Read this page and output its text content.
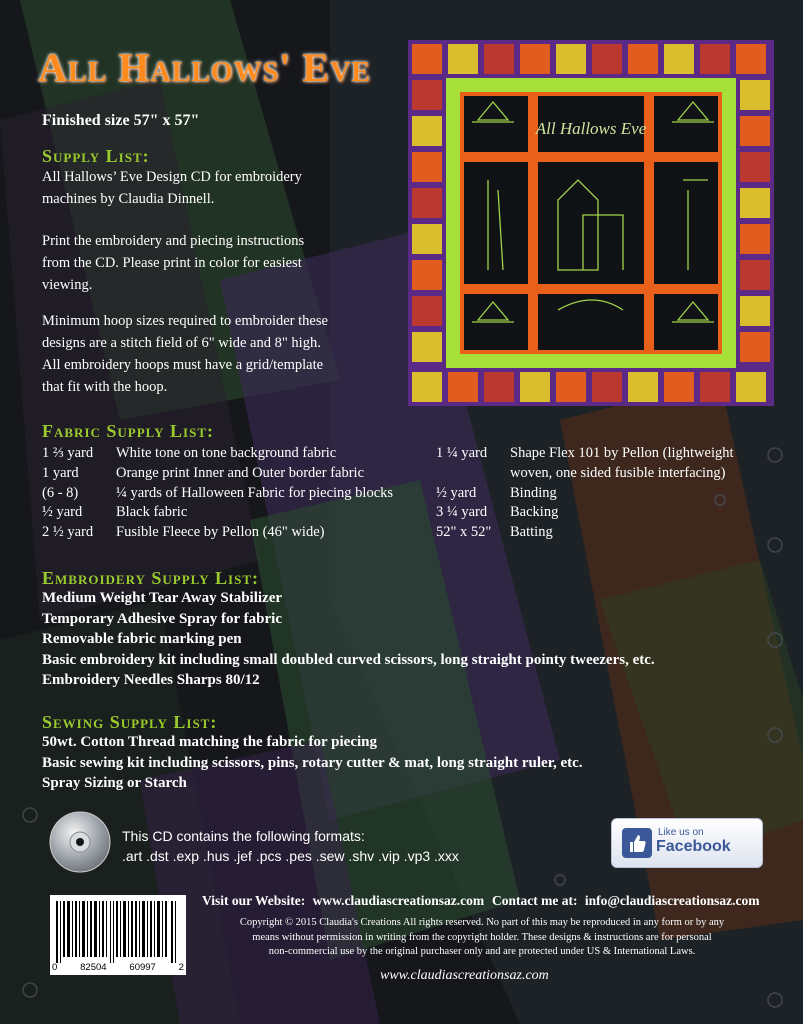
All Hallows' Eve
Finished size 57" x 57"	All Hallows Eve
Supply List:
All Hallows’ Eve Design CD for embroidery
machines by Claudia Dinnell.
Print the embroidery and piecing instructions
from the CD. Please print in color for easiest
viewing.
Minimum hoop sizes required to embroider these
designs are a stitch field of 6" wide and 8" high.
All embroidery hoops must have a grid/template
that fit with the hoop.
Fabric Supply List:
1 ⅔ yard	White tone on tone background fabric
1 yard	Orange print Inner and Outer border fabric
(6 - 8)	¼ yards of Halloween Fabric for piecing blocks
½ yard	Black fabric
2 ½ yard	Fusible Fleece by Pellon (46" wide)
1 ¼ yard	Shape Flex 101 by Pellon (lightweight
woven, one sided fusible interfacing)
½ yard	Binding
3 ¼ yard	Backing
52" x 52"	Batting
Embroidery Supply List:
Medium Weight Tear Away Stabilizer
Temporary Adhesive Spray for fabric
Removable fabric marking pen
Basic embroidery kit including small doubled curved scissors, long straight pointy tweezers, etc.
Embroidery Needles Sharps 80/12
Sewing Supply List:
50wt. Cotton Thread matching the fabric for piecing
Basic sewing kit including scissors, pins, rotary cutter & mat, long straight ruler, etc.
Spray Sizing or Starch
This CD contains the following formats:
.art .dst .exp .hus .jef .pcs .pes .sew .shv .vip .vp3 .xxx
Like us on
Facebook
0 82504 60997 2
Visit our Website: www.claudiascreationsaz.com Contact me at: info@claudiascreationsaz.com
Copyright © 2015 Claudia's Creations All rights reserved. No part of this may be reproduced in any form or by any
means without permission in writing from the copyright holder. These designs & instructions are for personal
non-commercial use by the original purchaser only and are protected under US & International Laws.
www.claudiascreationsaz.com
